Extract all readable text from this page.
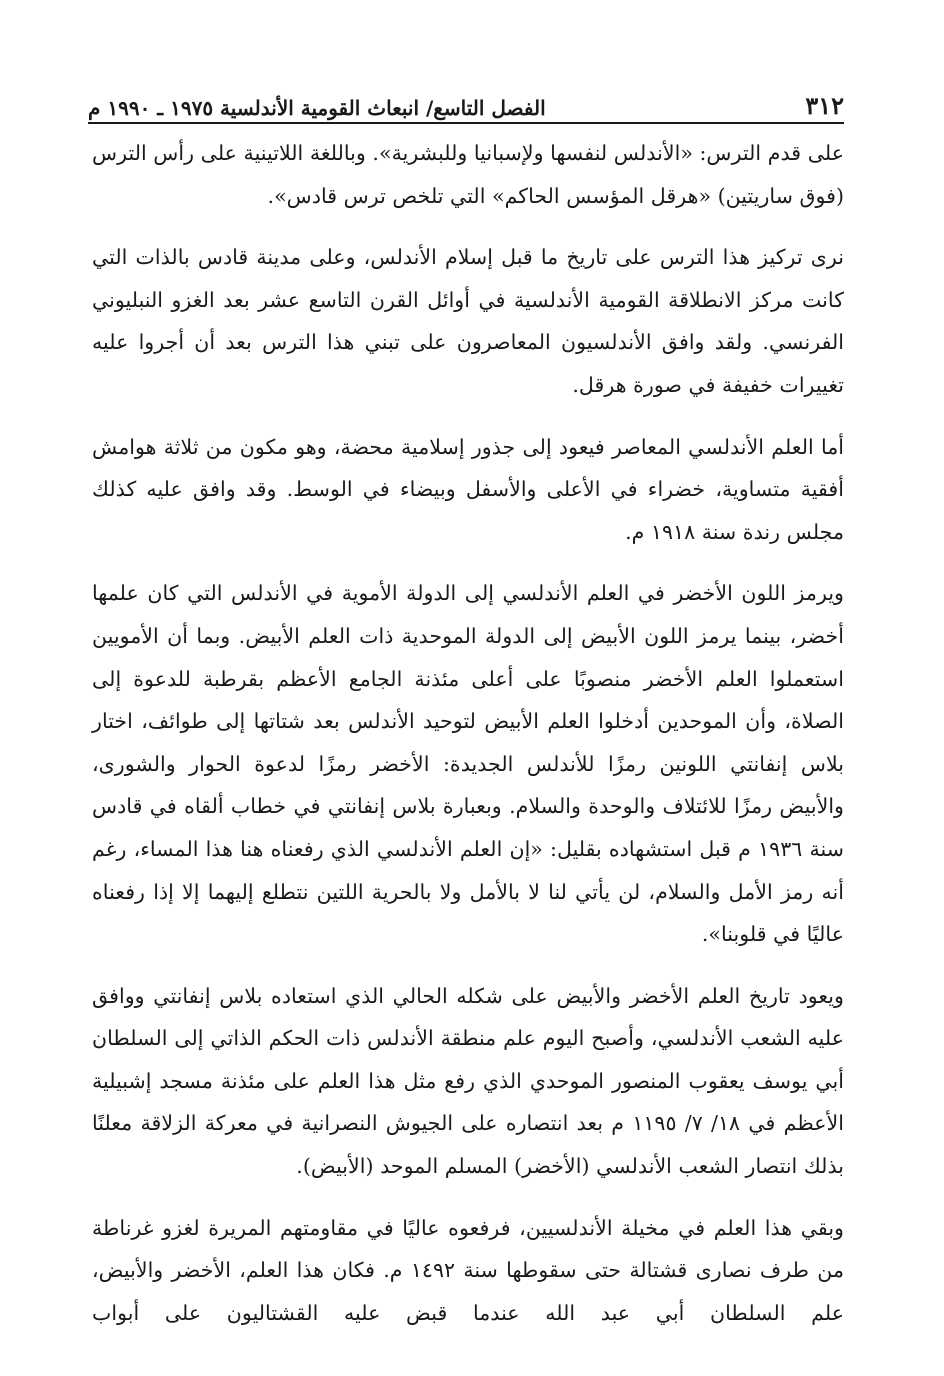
٣١٢
الفصل التاسع/ انبعاث القومية الأندلسية ١٩٧٥ ـ ١٩٩٠ م

على قدم الترس: «الأندلس لنفسها ولإسبانيا وللبشرية». وباللغة اللاتينية على رأس الترس (فوق ساريتين) «هرقل المؤسس الحاكم» التي تلخص ترس قادس».

نرى تركيز هذا الترس على تاريخ ما قبل إسلام الأندلس، وعلى مدينة قادس بالذات التي كانت مركز الانطلاقة القومية الأندلسية في أوائل القرن التاسع عشر بعد الغزو النبليوني الفرنسي. ولقد وافق الأندلسيون المعاصرون على تبني هذا الترس بعد أن أجروا عليه تغييرات خفيفة في صورة هرقل.

أما العلم الأندلسي المعاصر فيعود إلى جذور إسلامية محضة، وهو مكون من ثلاثة هوامش أفقية متساوية، خضراء في الأعلى والأسفل وبيضاء في الوسط. وقد وافق عليه كذلك مجلس رندة سنة ١٩١٨ م.

ويرمز اللون الأخضر في العلم الأندلسي إلى الدولة الأموية في الأندلس التي كان علمها أخضر، بينما يرمز اللون الأبيض إلى الدولة الموحدية ذات العلم الأبيض. وبما أن الأمويين استعملوا العلم الأخضر منصوبًا على أعلى مئذنة الجامع الأعظم بقرطبة للدعوة إلى الصلاة، وأن الموحدين أدخلوا العلم الأبيض لتوحيد الأندلس بعد شتاتها إلى طوائف، اختار بلاس إنفانتي اللونين رمزًا للأندلس الجديدة: الأخضر رمزًا لدعوة الحوار والشورى، والأبيض رمزًا للائتلاف والوحدة والسلام. وبعبارة بلاس إنفانتي في خطاب ألقاه في قادس سنة ١٩٣٦ م قبل استشهاده بقليل: «إن العلم الأندلسي الذي رفعناه هنا هذا المساء، رغم أنه رمز الأمل والسلام، لن يأتي لنا لا بالأمل ولا بالحرية اللتين نتطلع إليهما إلا إذا رفعناه عاليًا في قلوبنا».

ويعود تاريخ العلم الأخضر والأبيض على شكله الحالي الذي استعاده بلاس إنفانتي ووافق عليه الشعب الأندلسي، وأصبح اليوم علم منطقة الأندلس ذات الحكم الذاتي إلى السلطان أبي يوسف يعقوب المنصور الموحدي الذي رفع مثل هذا العلم على مئذنة مسجد إشبيلية الأعظم في ١٨/ ٧/ ١١٩٥ م بعد انتصاره على الجيوش النصرانية في معركة الزلاقة معلنًا بذلك انتصار الشعب الأندلسي (الأخضر) المسلم الموحد (الأبيض).

وبقي هذا العلم في مخيلة الأندلسيين، فرفعوه عاليًا في مقاومتهم المريرة لغزو غرناطة من طرف نصارى قشتالة حتى سقوطها سنة ١٤٩٢ م. فكان هذا العلم، الأخضر والأبيض، علم السلطان أبي عبد الله عندما قبض عليه القشتاليون على أبواب
